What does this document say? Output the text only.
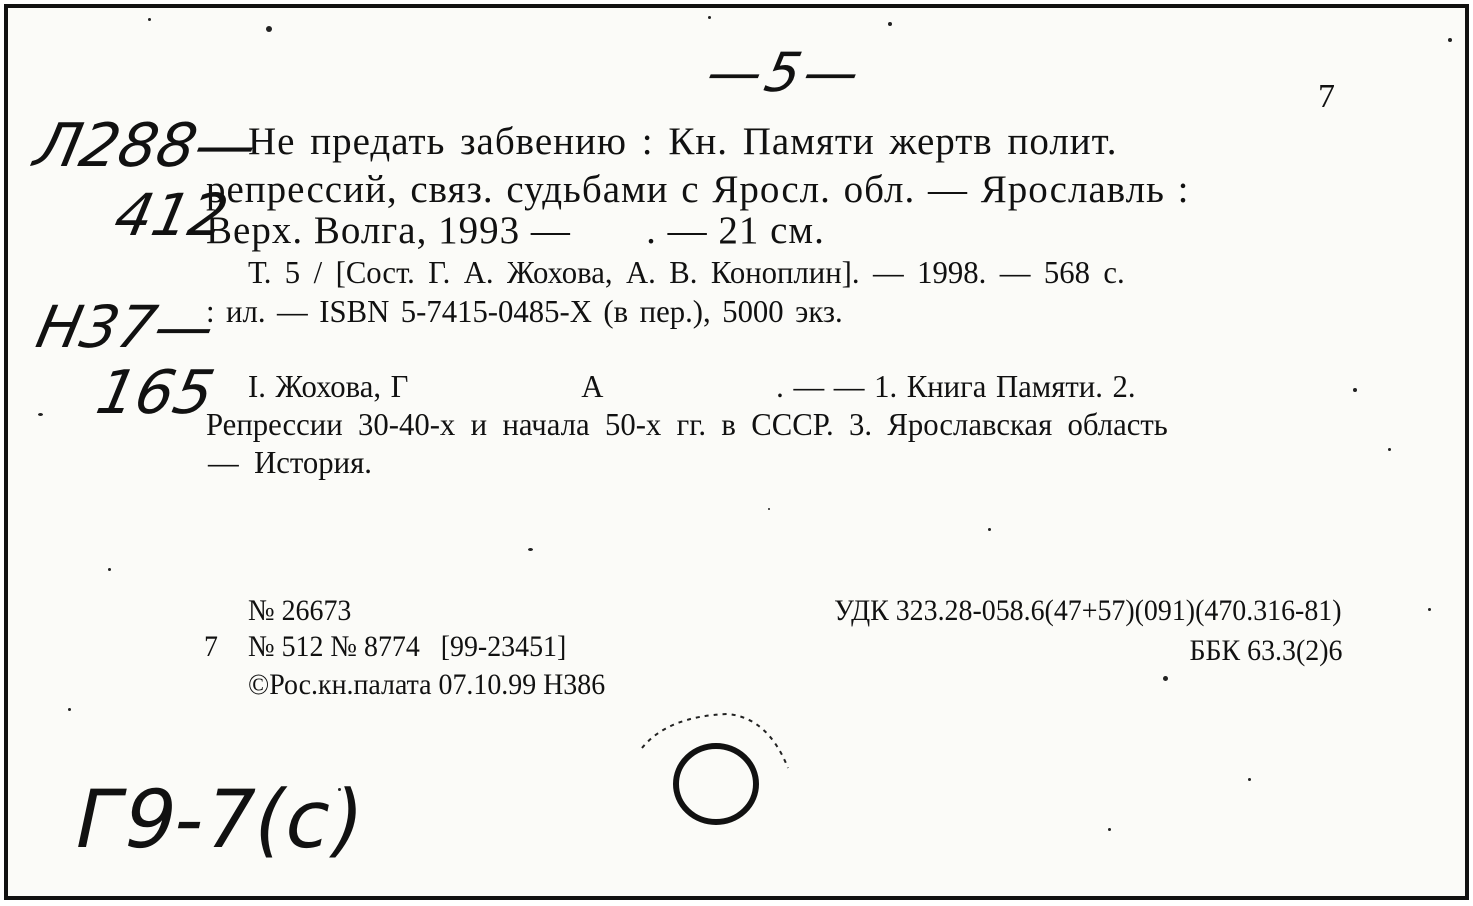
—5—
Л288—
412
Н37—
165
Г9-7(с)
7
Не предать забвению : Кн. Памяти жертв полит.
репрессий, связ. судьбами с Яросл. обл. — Ярославль :
Верх. Волга, 1993 —       . — 21 см.
Т. 5 / [Сост. Г. А. Жохова, А. В. Коноплин]. — 1998. — 568 с.
: ил. — ISBN 5-7415-0485-Х (в пер.), 5000 экз.
I. Жохова, Г                  А                  . — — 1. Книга Памяти. 2.
Репрессии 30-40-х и начала 50-х гг. в СССР. 3. Ярославская область
— История.
№ 26673
7 № 512 № 8774   [99-23451]
©Рос.кн.палата 07.10.99 Н386
УДК 323.28-058.6(47+57)(091)(470.316-81)
ББК 63.3(2)6
